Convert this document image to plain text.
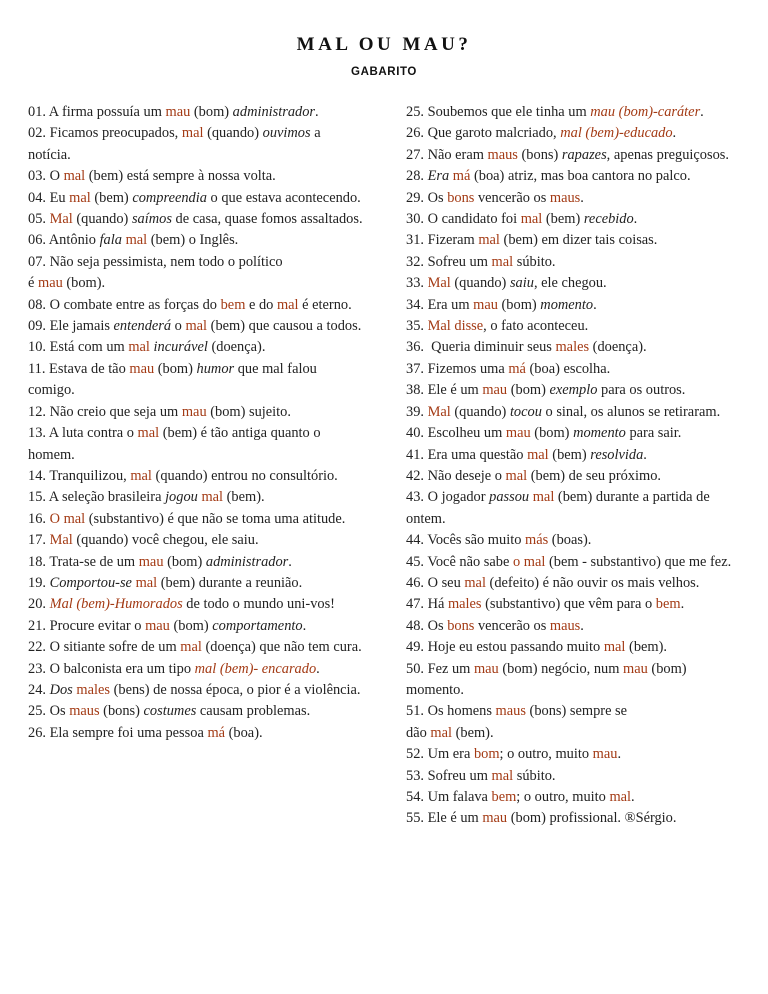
MAL OU MAU?
GABARITO

01. A firma possuía um mau (bom) administrador.

02. Ficamos preocupados, mal (quando) ouvimos a notícia.

03. O mal (bem) está sempre à nossa volta.

04. Eu mal (bem) compreendia o que estava acontecendo.

05. Mal (quando) saímos de casa, quase fomos assaltados.

06. Antônio fala mal (bem) o Inglês.

07. Não seja pessimista, nem todo o político
é mau (bom).

08. O combate entre as forças do bem e do mal é eterno.

09. Ele jamais entenderá o mal (bem) que causou a todos.

10. Está com um mal incurável (doença).

11. Estava de tão mau (bom) humor que mal falou comigo.

12. Não creio que seja um mau (bom) sujeito.

13. A luta contra o mal (bem) é tão antiga quanto o homem.

14. Tranquilizou, mal (quando) entrou no consultório.

15. A seleção brasileira jogou mal (bem).

16. O mal (substantivo) é que não se toma uma atitude.

17. Mal (quando) você chegou, ele saiu.

18. Trata-se de um mau (bom) administrador.

19. Comportou-se mal (bem) durante a reunião.

20. Mal (bem)-Humorados de todo o mundo uni-vos!

21. Procure evitar o mau (bom) comportamento.

22. O sitiante sofre de um mal (doença) que não tem cura.

23. O balconista era um tipo mal (bem)- encarado.

24. Dos males (bens) de nossa época, o pior é a violência.

25. Os maus (bons) costumes causam problemas.

26. Ela sempre foi uma pessoa má (boa).

25. Soubemos que ele tinha um mau (bom)-caráter.

26. Que garoto malcriado, mal (bem)-educado.

27. Não eram maus (bons) rapazes, apenas preguiçosos.

28. Era má (boa) atriz, mas boa cantora no palco.

29. Os bons vencerão os maus.

30. O candidato foi mal (bem) recebido.

31. Fizeram mal (bem) em dizer tais coisas.

32. Sofreu um mal súbito.

33. Mal (quando) saiu, ele chegou.

34. Era um mau (bom) momento.

35. Mal disse, o fato aconteceu.

36.  Queria diminuir seus males (doença).

37. Fizemos uma má (boa) escolha.

38. Ele é um mau (bom) exemplo para os outros.

39. Mal (quando) tocou o sinal, os alunos se retiraram.

40. Escolheu um mau (bom) momento para sair.

41. Era uma questão mal (bem) resolvida.

42. Não deseje o mal (bem) de seu próximo.

43. O jogador passou mal (bem) durante a partida de ontem.

44. Vocês são muito más (boas).

45. Você não sabe o mal (bem - substantivo) que me fez.

46. O seu mal (defeito) é não ouvir os mais velhos.

47. Há males (substantivo) que vêm para o bem.

48. Os bons vencerão os maus.

49. Hoje eu estou passando muito mal (bem).

50. Fez um mau (bom) negócio, num mau (bom) momento.

51. Os homens maus (bons) sempre se
dão mal (bem).

52. Um era bom; o outro, muito mau.

53. Sofreu um mal súbito.

54. Um falava bem; o outro, muito mal.

55. Ele é um mau (bom) profissional. ®Sérgio.
